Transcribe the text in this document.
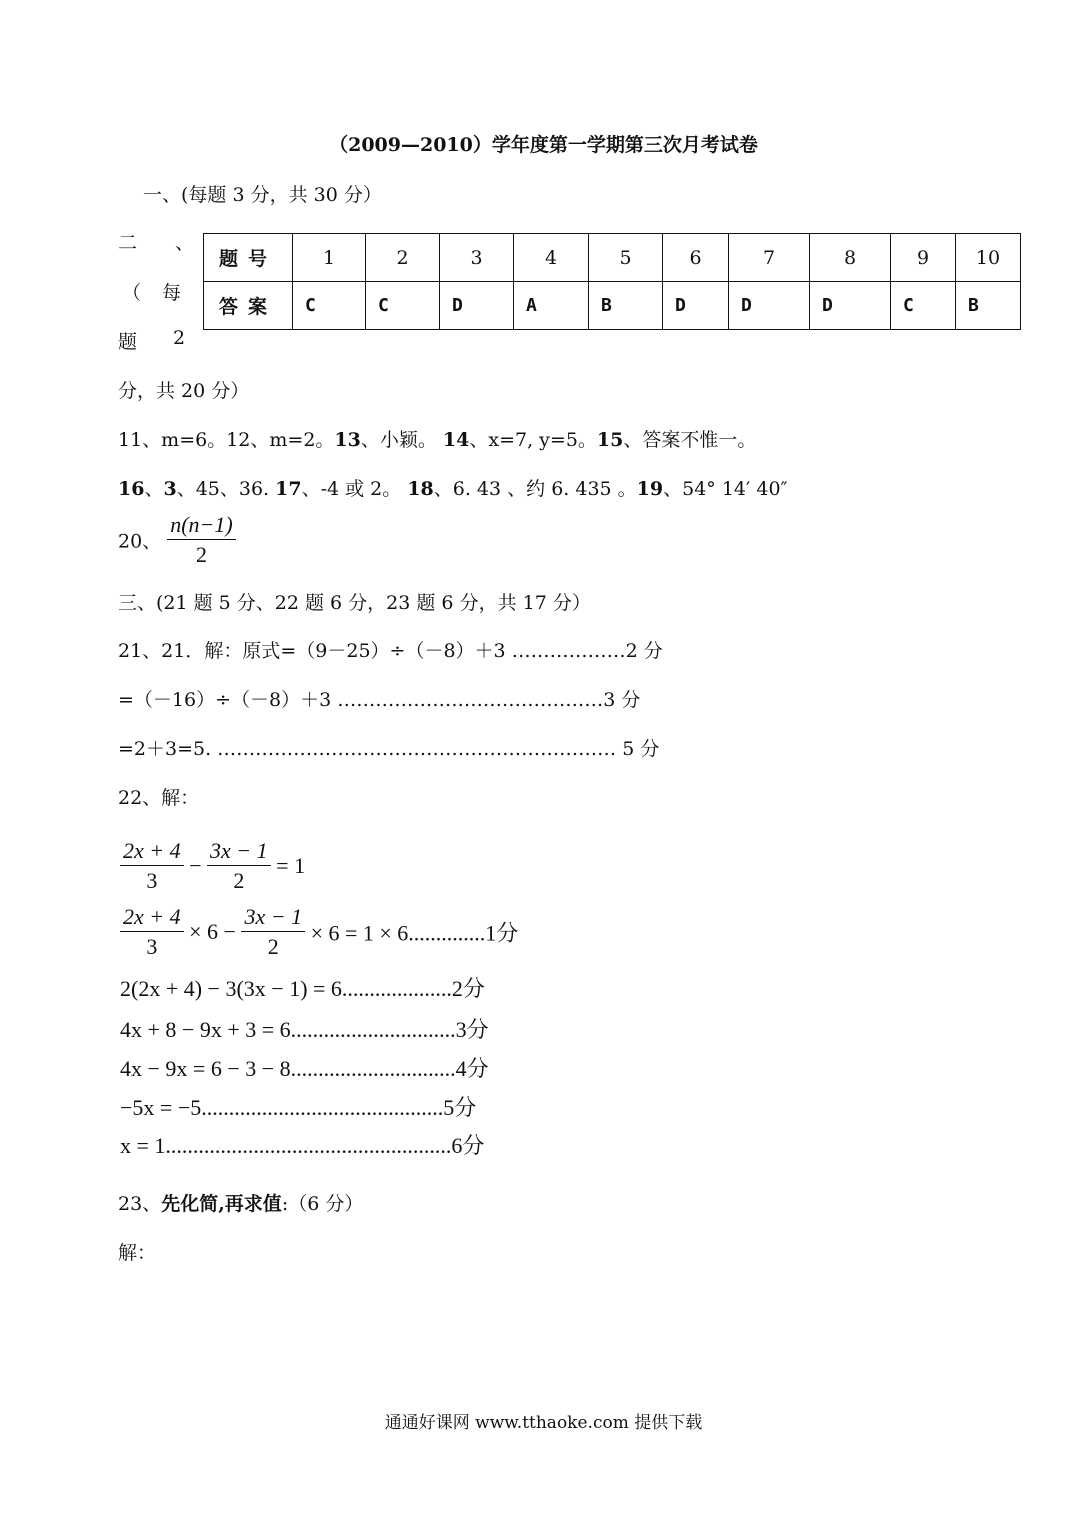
（2009—2010）学年度第一学期第三次月考试卷
一、(每题 3 分，共 30 分）
二 、
（ 每
题 2
分，共 20 分）
题号	1	2	3	4	5	6	7	8	9	10
答案	C	C	D	A	B	D	D	D	C	B
11、m=6。12、m=2。13、小颖。 14、x=7, y=5。15、答案不惟一。
16、3、45、36. 17、-4 或 2。 18、6. 43 、约 6. 435 。19、54° 14′ 40″
20、 $\frac{n(n-1)}{2}$
三、(21 题 5 分、22 题 6 分，23 题 6 分，共 17 分）
21、21．解：原式=（9－25）÷（－8）＋3 ………………2 分
=（－16）÷（－8）＋3 ……………………………………3 分
=2＋3=5. ……………………………………………………… 5 分
22、解：
$\frac{2x + 4}{3} - \frac{3x - 1}{2} = 1$
$\frac{2x + 4}{3} \times 6 - \frac{3x - 1}{2} \times 6 = 1 \times 6..............1$分
2(2x + 4) − 3(3x − 1) = 6....................2分
4x + 8 − 9x + 3 = 6..............................3分
4x − 9x = 6 − 3 − 8..............................4分
−5x = −5............................................5分
x = 1....................................................6分
23、先化简,再求值:（6 分）
解：
通通好课网 www.tthaoke.com 提供下载
